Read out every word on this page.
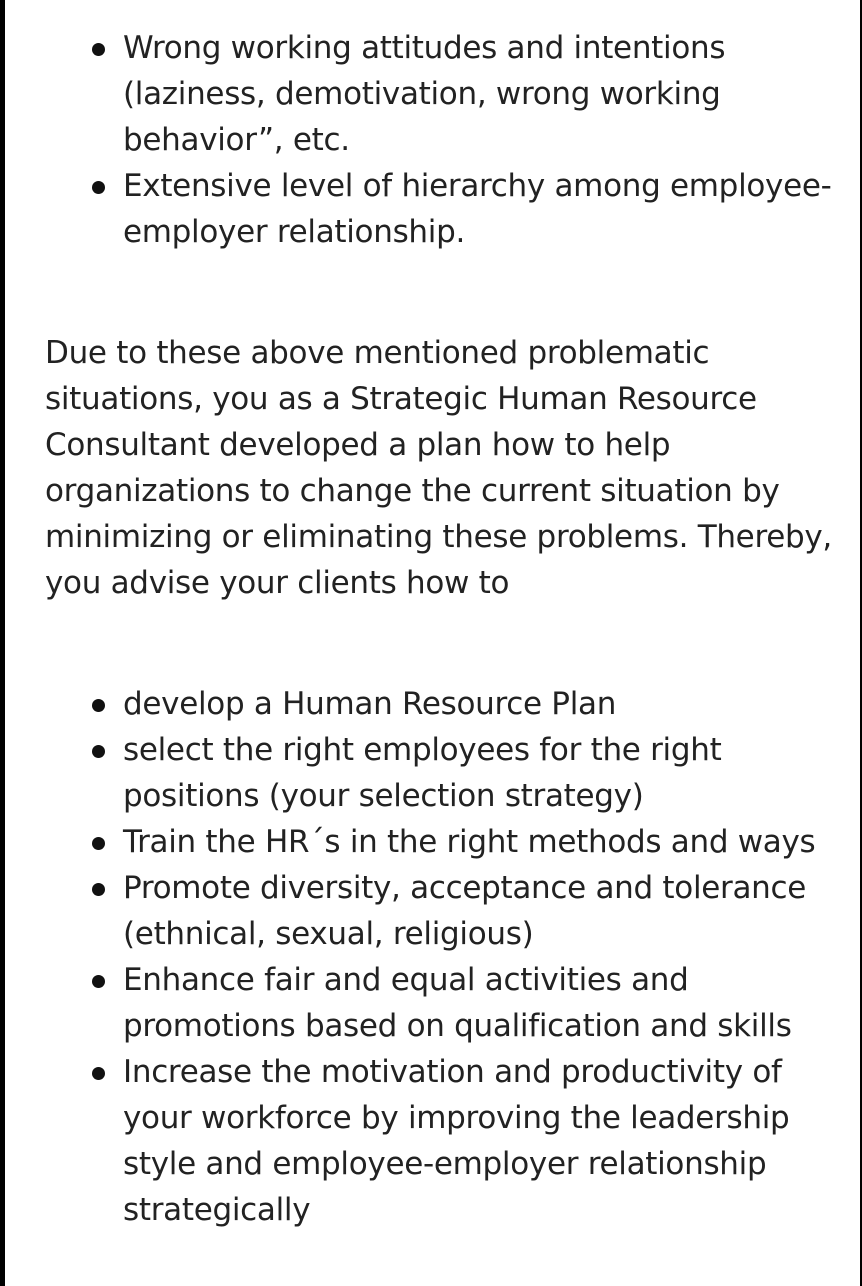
Wrong working attitudes and intentions (laziness, demotivation, wrong working behavior”, etc.
Extensive level of hierarchy among employee-employer relationship.

Due to these above mentioned problematic situations, you as a Strategic Human Resource Consultant developed a plan how to help organizations to change the current situation by minimizing or eliminating these problems. Thereby, you advise your clients how to

develop a Human Resource Plan
select the right employees for the right positions (your selection strategy)
Train the HR´s in the right methods and ways
Promote diversity, acceptance and tolerance (ethnical, sexual, religious)
Enhance fair and equal activities and promotions based on qualification and skills
Increase the motivation and productivity of your workforce by improving the leadership style and employee-employer relationship strategically
